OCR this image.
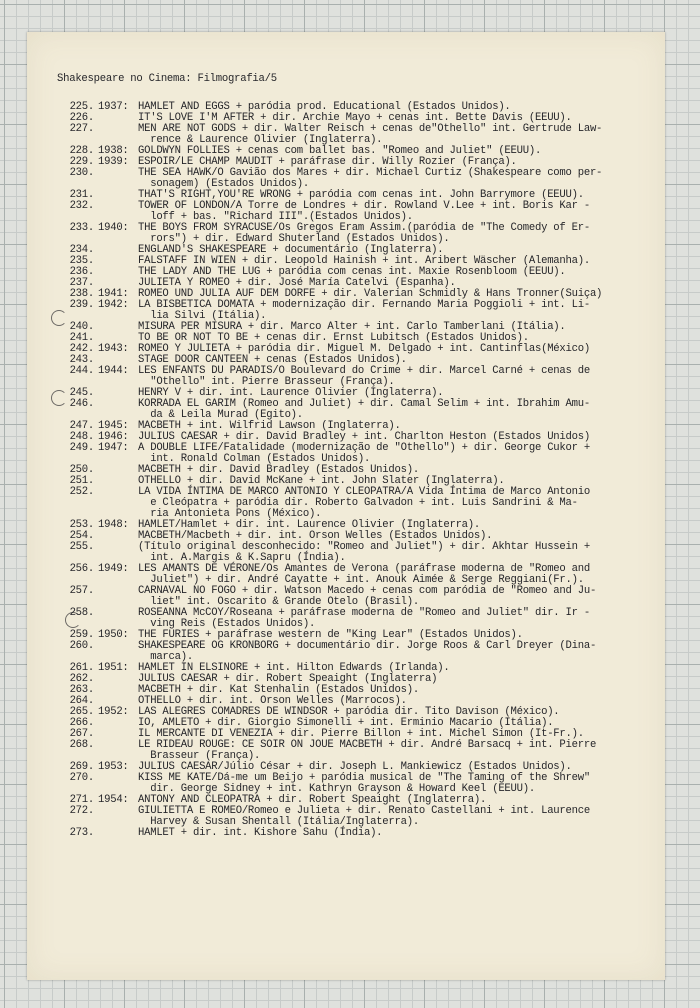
Shakespeare no Cinema: Filmografia/5
225. 1937: HAMLET AND EGGS + paródia prod. Educational (Estados Unidos).
226.	IT'S LOVE I'M AFTER + dir. Archie Mayo + cenas int. Bette Davis (EEUU).
227.	MEN ARE NOT GODS + dir. Walter Reisch + cenas de"Othello" int. Gertrude Law-
rence & Laurence Olivier (Inglaterra).
228. 1938: GOLDWYN FOLLIES + cenas com ballet bas. "Romeo and Juliet" (EEUU).
229. 1939: ESPOIR/LE CHAMP MAUDIT + paráfrase dir. Willy Rozier (França).
230.	THE SEA HAWK/O Gavião dos Mares + dir. Michael Curtiz (Shakespeare como per-
sonagem) (Estados Unidos).
231.	THAT'S RIGHT,YOU'RE WRONG + paródia com cenas int. John Barrymore (EEUU).
232.	TOWER OF LONDON/A Torre de Londres + dir. Rowland V.Lee + int. Boris Kar -
loff + bas. "Richard III".(Estados Unidos).
233. 1940: THE BOYS FROM SYRACUSE/Os Gregos Eram Assim.(paródia de "The Comedy of Er-
rors") + dir. Edward Shuterland (Estados Unidos).
234.	ENGLAND'S SHAKESPEARE + documentário (Inglaterra).
235.	FALSTAFF IN WIEN + dir. Leopold Hainish + int. Aribert Wäscher (Alemanha).
236.	THE LADY AND THE LUG + paródia com cenas int. Maxie Rosenbloom (EEUU).
237.	JULIETA Y ROMEO + dir. José María Catelvi (Espanha).
238. 1941: ROMEO UND JULIA AUF DEM DORFE + dir. Valerian Schmidly & Hans Tronner(Suiça)
239. 1942: LA BISBETICA DOMATA + modernização dir. Fernando Maria Poggioli + int. Li-
lia Silvi (Itália).
240.	MISURA PER MISURA + dir. Marco Alter + int. Carlo Tamberlani (Itália).
241.	TO BE OR NOT TO BE + cenas dir. Ernst Lubitsch (Estados Unidos).
242. 1943: ROMEO Y JULIETA + paródia dir. Miguel M. Delgado + int. Cantinflas(México)
243.	STAGE DOOR CANTEEN + cenas (Estados Unidos).
244. 1944: LES ENFANTS DU PARADIS/O Boulevard do Crime + dir. Marcel Carné + cenas de
"Othello" int. Pierre Brasseur (França).
245.	HENRY V + dir. int. Laurence Olivier (Inglaterra).
246.	KORRADA EL GARIM (Romeo and Juliet) + dir. Camal Selim + int. Ibrahim Amu-
da & Leila Murad (Egito).
247. 1945: MACBETH + int. Wilfrid Lawson (Inglaterra).
248. 1946: JULIUS CAESAR + dir. David Bradley + int. Charlton Heston (Estados Unidos)
249. 1947: A DOUBLE LIFE/Fatalidade (modernização de "Othello") + dir. George Cukor +
int. Ronald Colman (Estados Unidos).
250.	MACBETH + dir. David Bradley (Estados Unidos).
251.	OTHELLO + dir. David McKane + int. John Slater (Inglaterra).
252.	LA VIDA ÍNTIMA DE MARCO ANTONIO Y CLEOPATRA/A Vida Íntima de Marco Antonio
e Cleópatra + paródia dir. Roberto Galvadon + int. Luis Sandrini & Ma-
ria Antonieta Pons (México).
253. 1948: HAMLET/Hamlet + dir. int. Laurence Olivier (Inglaterra).
254.	MACBETH/Macbeth + dir. int. Orson Welles (Estados Unidos).
255.	(Título original desconhecido: "Romeo and Juliet") + dir. Akhtar Hussein +
int. A.Margis & K.Sapru (Índia).
256. 1949: LES AMANTS DE VÉRONE/Os Amantes de Verona (paráfrase moderna de "Romeo and
Juliet") + dir. André Cayatte + int. Anouk Aimée & Serge Reggiani(Fr.).
257.	CARNAVAL NO FOGO + dir. Watson Macedo + cenas com paródia de "Romeo and Ju-
liet" int. Oscarito & Grande Otelo (Brasil).
258.	ROSEANNA McCOY/Roseana + paráfrase moderna de "Romeo and Juliet" dir. Ir -
ving Reis (Estados Unidos).
259. 1950: THE FURIES + paráfrase western de "King Lear" (Estados Unidos).
260.	SHAKESPEARE OG KRONBORG + documentário dir. Jorge Roos & Carl Dreyer (Dina-
marca).
261. 1951: HAMLET IN ELSINORE + int. Hilton Edwards (Irlanda).
262.	JULIUS CAESAR + dir. Robert Speaight (Inglaterra)
263.	MACBETH + dir. Kat Stenhalin (Estados Unidos).
264.	OTHELLO + dir. int. Orson Welles (Marrocos).
265. 1952: LAS ALEGRES COMADRES DE WINDSOR + paródia dir. Tito Davison (México).
266.	IO, AMLETO + dir. Giorgio Simonelli + int. Erminio Macario (Itália).
267.	IL MERCANTE DI VENEZIA + dir. Pierre Billon + int. Michel Simon (It-Fr.).
268.	LE RIDEAU ROUGE: CE SOIR ON JOUE MACBETH + dir. André Barsacq + int. Pierre
Brasseur (França).
269. 1953: JULIUS CAESAR/Júlio César + dir. Joseph L. Mankiewicz (Estados Unidos).
270.	KISS ME KATE/Dá-me um Beijo + paródia musical de "The Taming of the Shrew"
dir. George Sidney + int. Kathryn Grayson & Howard Keel (EEUU).
271. 1954: ANTONY AND CLEOPATRA + dir. Robert Speaight (Inglaterra).
272.	GIULIETTA E ROMEO/Romeo e Julieta + dir. Renato Castellani + int. Laurence
Harvey & Susan Shentall (Itália/Inglaterra).
273.	HAMLET + dir. int. Kishore Sahu (Índia).
